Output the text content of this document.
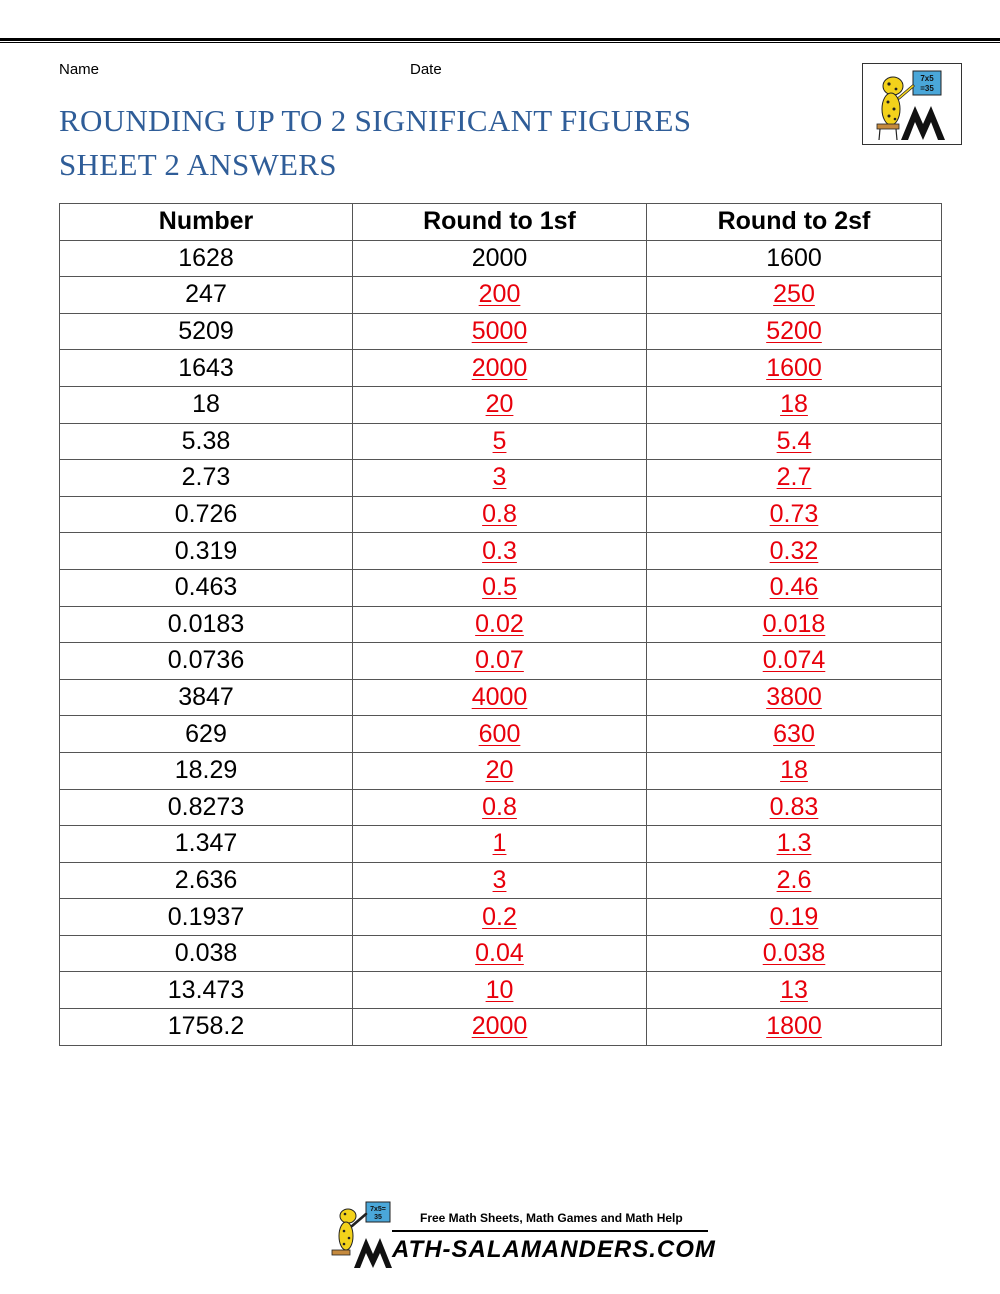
Name	Date
ROUNDING UP TO 2 SIGNIFICANT FIGURES
SHEET 2 ANSWERS
7x5
=35
Number	Round to 1sf	Round to 2sf
1628	2000	1600
247	200	250
5209	5000	5200
1643	2000	1600
18	20	18
5.38	5	5.4
2.73	3	2.7
0.726	0.8	0.73
0.319	0.3	0.32
0.463	0.5	0.46
0.0183	0.02	0.018
0.0736	0.07	0.074
3847	4000	3800
629	600	630
18.29	20	18
0.8273	0.8	0.83
1.347	1	1.3
2.636	3	2.6
0.1937	0.2	0.19
0.038	0.04	0.038
13.473	10	13
1758.2	2000	1800
7x5=
35	Free Math Sheets, Math Games and Math Help
ATH-SALAMANDERS.COM
